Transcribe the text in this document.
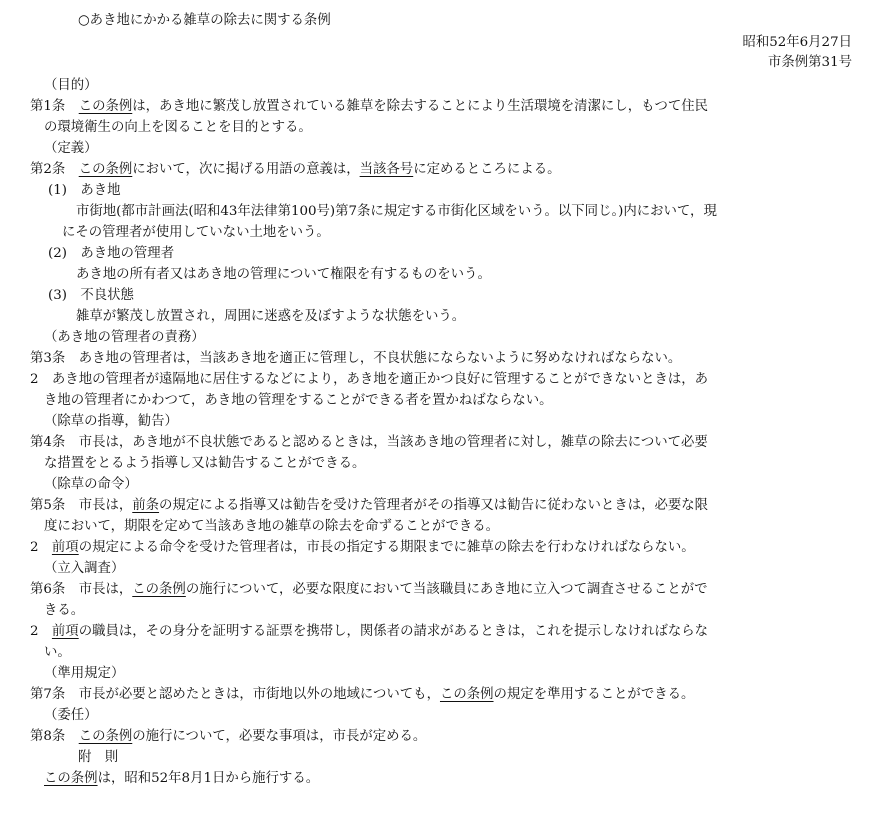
○あき地にかかる雑草の除去に関する条例
昭和52年6月27日
市条例第31号
（目的）
第1条　この条例は，あき地に繁茂し放置されている雑草を除去することにより生活環境を清潔にし，もつて住民
の環境衛生の向上を図ることを目的とする。
（定義）
第2条　この条例において，次に掲げる用語の意義は，当該各号に定めるところによる。
(1)　あき地
市街地(都市計画法(昭和43年法律第100号)第7条に規定する市街化区域をいう。以下同じ。)内において，現
にその管理者が使用していない土地をいう。
(2)　あき地の管理者
あき地の所有者又はあき地の管理について権限を有するものをいう。
(3)　不良状態
雑草が繁茂し放置され，周囲に迷惑を及ぼすような状態をいう。
（あき地の管理者の責務）
第3条　あき地の管理者は，当該あき地を適正に管理し，不良状態にならないように努めなければならない。
2　あき地の管理者が遠隔地に居住するなどにより，あき地を適正かつ良好に管理することができないときは，あ
き地の管理者にかわつて，あき地の管理をすることができる者を置かねばならない。
（除草の指導，勧告）
第4条　市長は，あき地が不良状態であると認めるときは，当該あき地の管理者に対し，雑草の除去について必要
な措置をとるよう指導し又は勧告することができる。
（除草の命令）
第5条　市長は，前条の規定による指導又は勧告を受けた管理者がその指導又は勧告に従わないときは，必要な限
度において，期限を定めて当該あき地の雑草の除去を命ずることができる。
2　前項の規定による命令を受けた管理者は，市長の指定する期限までに雑草の除去を行わなければならない。
（立入調査）
第6条　市長は，この条例の施行について，必要な限度において当該職員にあき地に立入つて調査させることがで
きる。
2　前項の職員は，その身分を証明する証票を携帯し，関係者の請求があるときは，これを提示しなければならな
い。
（準用規定）
第7条　市長が必要と認めたときは，市街地以外の地域についても，この条例の規定を準用することができる。
（委任）
第8条　この条例の施行について，必要な事項は，市長が定める。
附　則
この条例は，昭和52年8月1日から施行する。
